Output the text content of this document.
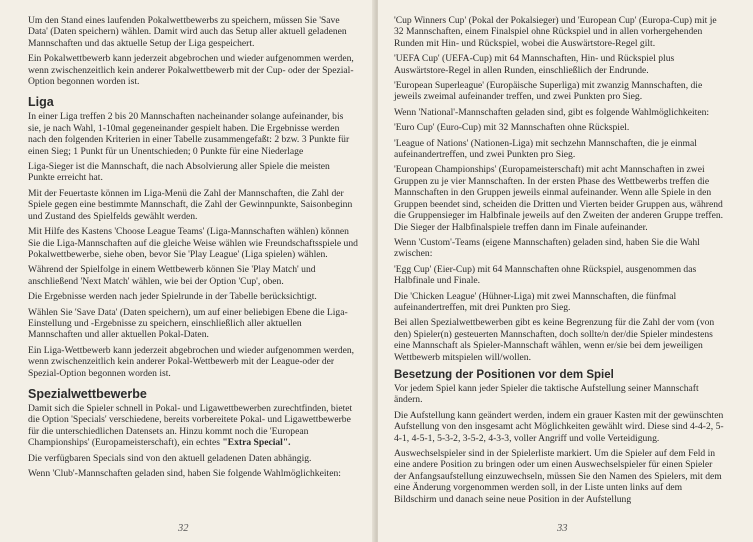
Um den Stand eines laufenden Pokalwettbewerbs zu speichern, müssen Sie 'Save Data' (Daten speichern) wählen. Damit wird auch das Setup aller aktuell geladenen Mannschaften und das aktuelle Setup der Liga gespeichert.

Ein Pokalwettbewerb kann jederzeit abgebrochen und wieder aufgenommen werden, wenn zwischenzeitlich kein anderer Pokalwettbewerb mit der Cup- oder der Spezial-Option begonnen worden ist.

Liga

In einer Liga treffen 2 bis 20 Mannschaften nacheinander solange aufeinander, bis sie, je nach Wahl, 1-10mal gegeneinander gespielt haben. Die Ergebnisse werden nach den folgenden Kriterien in einer Tabelle zusammengefaßt: 2 bzw. 3 Punkte für einen Sieg; 1 Punkt für un Unentschieden; 0 Punkte für eine Niederlage

Liga-Sieger ist die Mannschaft, die nach Absolvierung aller Spiele die meisten Punkte erreicht hat.

Mit der Feuertaste können im Liga-Menü die Zahl der Mannschaften, die Zahl der Spiele gegen eine bestimmte Mannschaft, die Zahl der Gewinnpunkte, Saisonbeginn und Zustand des Spielfelds gewählt werden.

Mit Hilfe des Kastens 'Choose League Teams' (Liga-Mannschaften wählen) können Sie die Liga-Mannschaften auf die gleiche Weise wählen wie Freundschaftsspiele und Pokalwettbewerbe, siehe oben, bevor Sie 'Play League' (Liga spielen) wählen.

Während der Spielfolge in einem Wettbewerb können Sie 'Play Match' und anschließend 'Next Match' wählen, wie bei der Option 'Cup', oben.

Die Ergebnisse werden nach jeder Spielrunde in der Tabelle berücksichtigt.

Wählen Sie 'Save Data' (Daten speichern), um auf einer beliebigen Ebene die Liga-Einstellung und -Ergebnisse zu speichern, einschließlich aller aktuellen Mannschaften und aller aktuellen Pokal-Daten.

Ein Liga-Wettbewerb kann jederzeit abgebrochen und wieder aufgenommen werden, wenn zwischenzeitlich kein anderer Pokal-Wettbewerb mit der League-oder der Spezial-Option begonnen worden ist.

Spezialwettbewerbe

Damit sich die Spieler schnell in Pokal- und Ligawettbewerben zurechtfinden, bietet die Option 'Specials' verschiedene, bereits vorbereitete Pokal- und Ligawettbewerbe für die unterschiedlichen Datensets an. Hinzu kommt noch die 'European Championships' (Europameisterschaft), ein echtes "Extra Special".

Die verfügbaren Specials sind von den aktuell geladenen Daten abhängig.

Wenn 'Club'-Mannschaften geladen sind, haben Sie folgende Wahlmöglichkeiten:

32

'Cup Winners Cup' (Pokal der Pokalsieger) und 'European Cup' (Europa-Cup) mit je 32 Mannschaften, einem Finalspiel ohne Rückspiel und in allen vorhergehenden Runden mit Hin- und Rückspiel, wobei die Auswärtstore-Regel gilt.

'UEFA Cup' (UEFA-Cup) mit 64 Mannschaften, Hin- und Rückspiel plus Auswärtstore-Regel in allen Runden, einschließlich der Endrunde.

'European Superleague' (Europäische Superliga) mit zwanzig Mannschaften, die jeweils zweimal aufeinander treffen, und zwei Punkten pro Sieg.

Wenn 'National'-Mannschaften geladen sind, gibt es folgende Wahlmöglichkeiten:

'Euro Cup' (Euro-Cup) mit 32 Mannschaften ohne Rückspiel.

'League of Nations' (Nationen-Liga) mit sechzehn Mannschaften, die je einmal aufeinandertreffen, und zwei Punkten pro Sieg.

'European Championships' (Europameisterschaft) mit acht Mannschaften in zwei Gruppen zu je vier Mannschaften. In der ersten Phase des Wettbewerbs treffen die Mannschaften in den Gruppen jeweils einmal aufeinander. Wenn alle Spiele in den Gruppen beendet sind, scheiden die Dritten und Vierten beider Gruppen aus, während die Gruppensieger im Halbfinale jeweils auf den Zweiten der anderen Gruppe treffen. Die Sieger der Halbfinalspiele treffen dann im Finale aufeinander.

Wenn 'Custom'-Teams (eigene Mannschaften) geladen sind, haben Sie die Wahl zwischen:

'Egg Cup' (Eier-Cup) mit 64 Mannschaften ohne Rückspiel, ausgenommen das Halbfinale und Finale.

Die 'Chicken League' (Hühner-Liga) mit zwei Mannschaften, die fünfmal aufeinandertreffen, mit drei Punkten pro Sieg.

Bei allen Spezialwettbewerben gibt es keine Begrenzung für die Zahl der vom (von den) Spieler(n) gesteuerten Mannschaften, doch sollte/n der/die Spieler mindestens eine Mannschaft als Spieler-Mannschaft wählen, wenn er/sie bei dem jeweiligen Wettbewerb mitspielen will/wollen.

Besetzung der Positionen vor dem Spiel

Vor jedem Spiel kann jeder Spieler die taktische Aufstellung seiner Mannschaft ändern.

Die Aufstellung kann geändert werden, indem ein grauer Kasten mit der gewünschten Aufstellung von den insgesamt acht Möglichkeiten gewählt wird. Diese sind 4-4-2, 5-4-1, 4-5-1, 5-3-2, 3-5-2, 4-3-3, voller Angriff und volle Verteidigung.

Auswechselspieler sind in der Spielerliste markiert. Um die Spieler auf dem Feld in eine andere Position zu bringen oder um einen Auswechselspieler für einen Spieler der Anfangsaufstellung einzuwechseln, müssen Sie den Namen des Spielers, mit dem eine Änderung vorgenommen werden soll, in der Liste unten links auf dem Bildschirm und danach seine neue Position in der Aufstellung

33
